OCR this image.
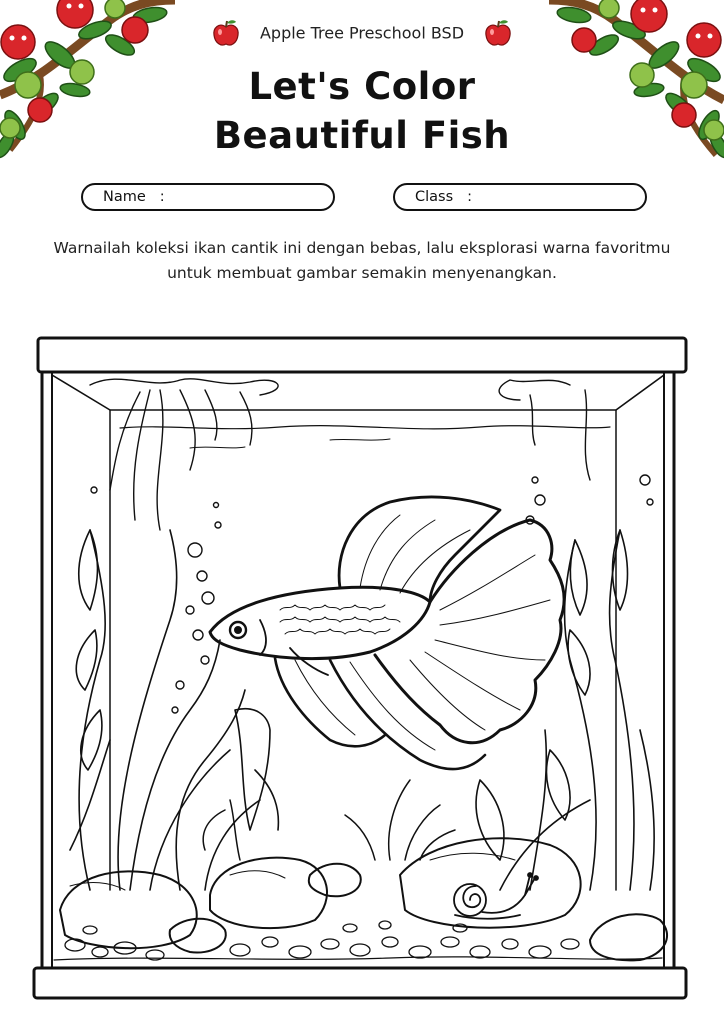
Apple Tree Preschool BSD
Let's Color
Beautiful Fish
Name :	Class :
Warnailah koleksi ikan cantik ini dengan bebas, lalu eksplorasi warna favoritmu untuk membuat gambar semakin menyenangkan.
